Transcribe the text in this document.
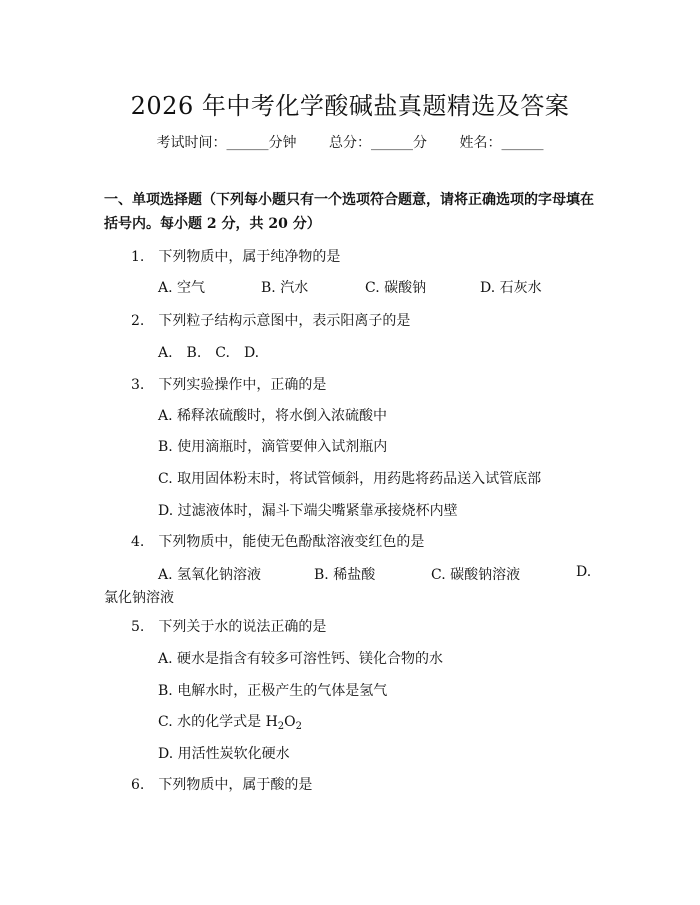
2026 年中考化学酸碱盐真题精选及答案
考试时间：______分钟 总分：______分 姓名：______
一、单项选择题（下列每小题只有一个选项符合题意，请将正确选项的字母填在括号内。每小题 2 分，共 20 分）
1.　下列物质中，属于纯净物的是
A. 空气	B. 汽水	C. 碳酸钠	D. 石灰水
2.　下列粒子结构示意图中，表示阳离子的是
A.　B.　C.　D.
3.　下列实验操作中，正确的是
A. 稀释浓硫酸时，将水倒入浓硫酸中
B. 使用滴瓶时，滴管要伸入试剂瓶内
C. 取用固体粉末时，将试管倾斜，用药匙将药品送入试管底部
D. 过滤液体时，漏斗下端尖嘴紧靠承接烧杯内壁
4.　下列物质中，能使无色酚酞溶液变红色的是
A. 氢氧化钠溶液	B. 稀盐酸	C. 碳酸钠溶液	D.
氯化钠溶液
5.　下列关于水的说法正确的是
A. 硬水是指含有较多可溶性钙、镁化合物的水
B. 电解水时，正极产生的气体是氢气
C. 水的化学式是 $H_2O_2$
D. 用活性炭软化硬水
6.　下列物质中，属于酸的是
